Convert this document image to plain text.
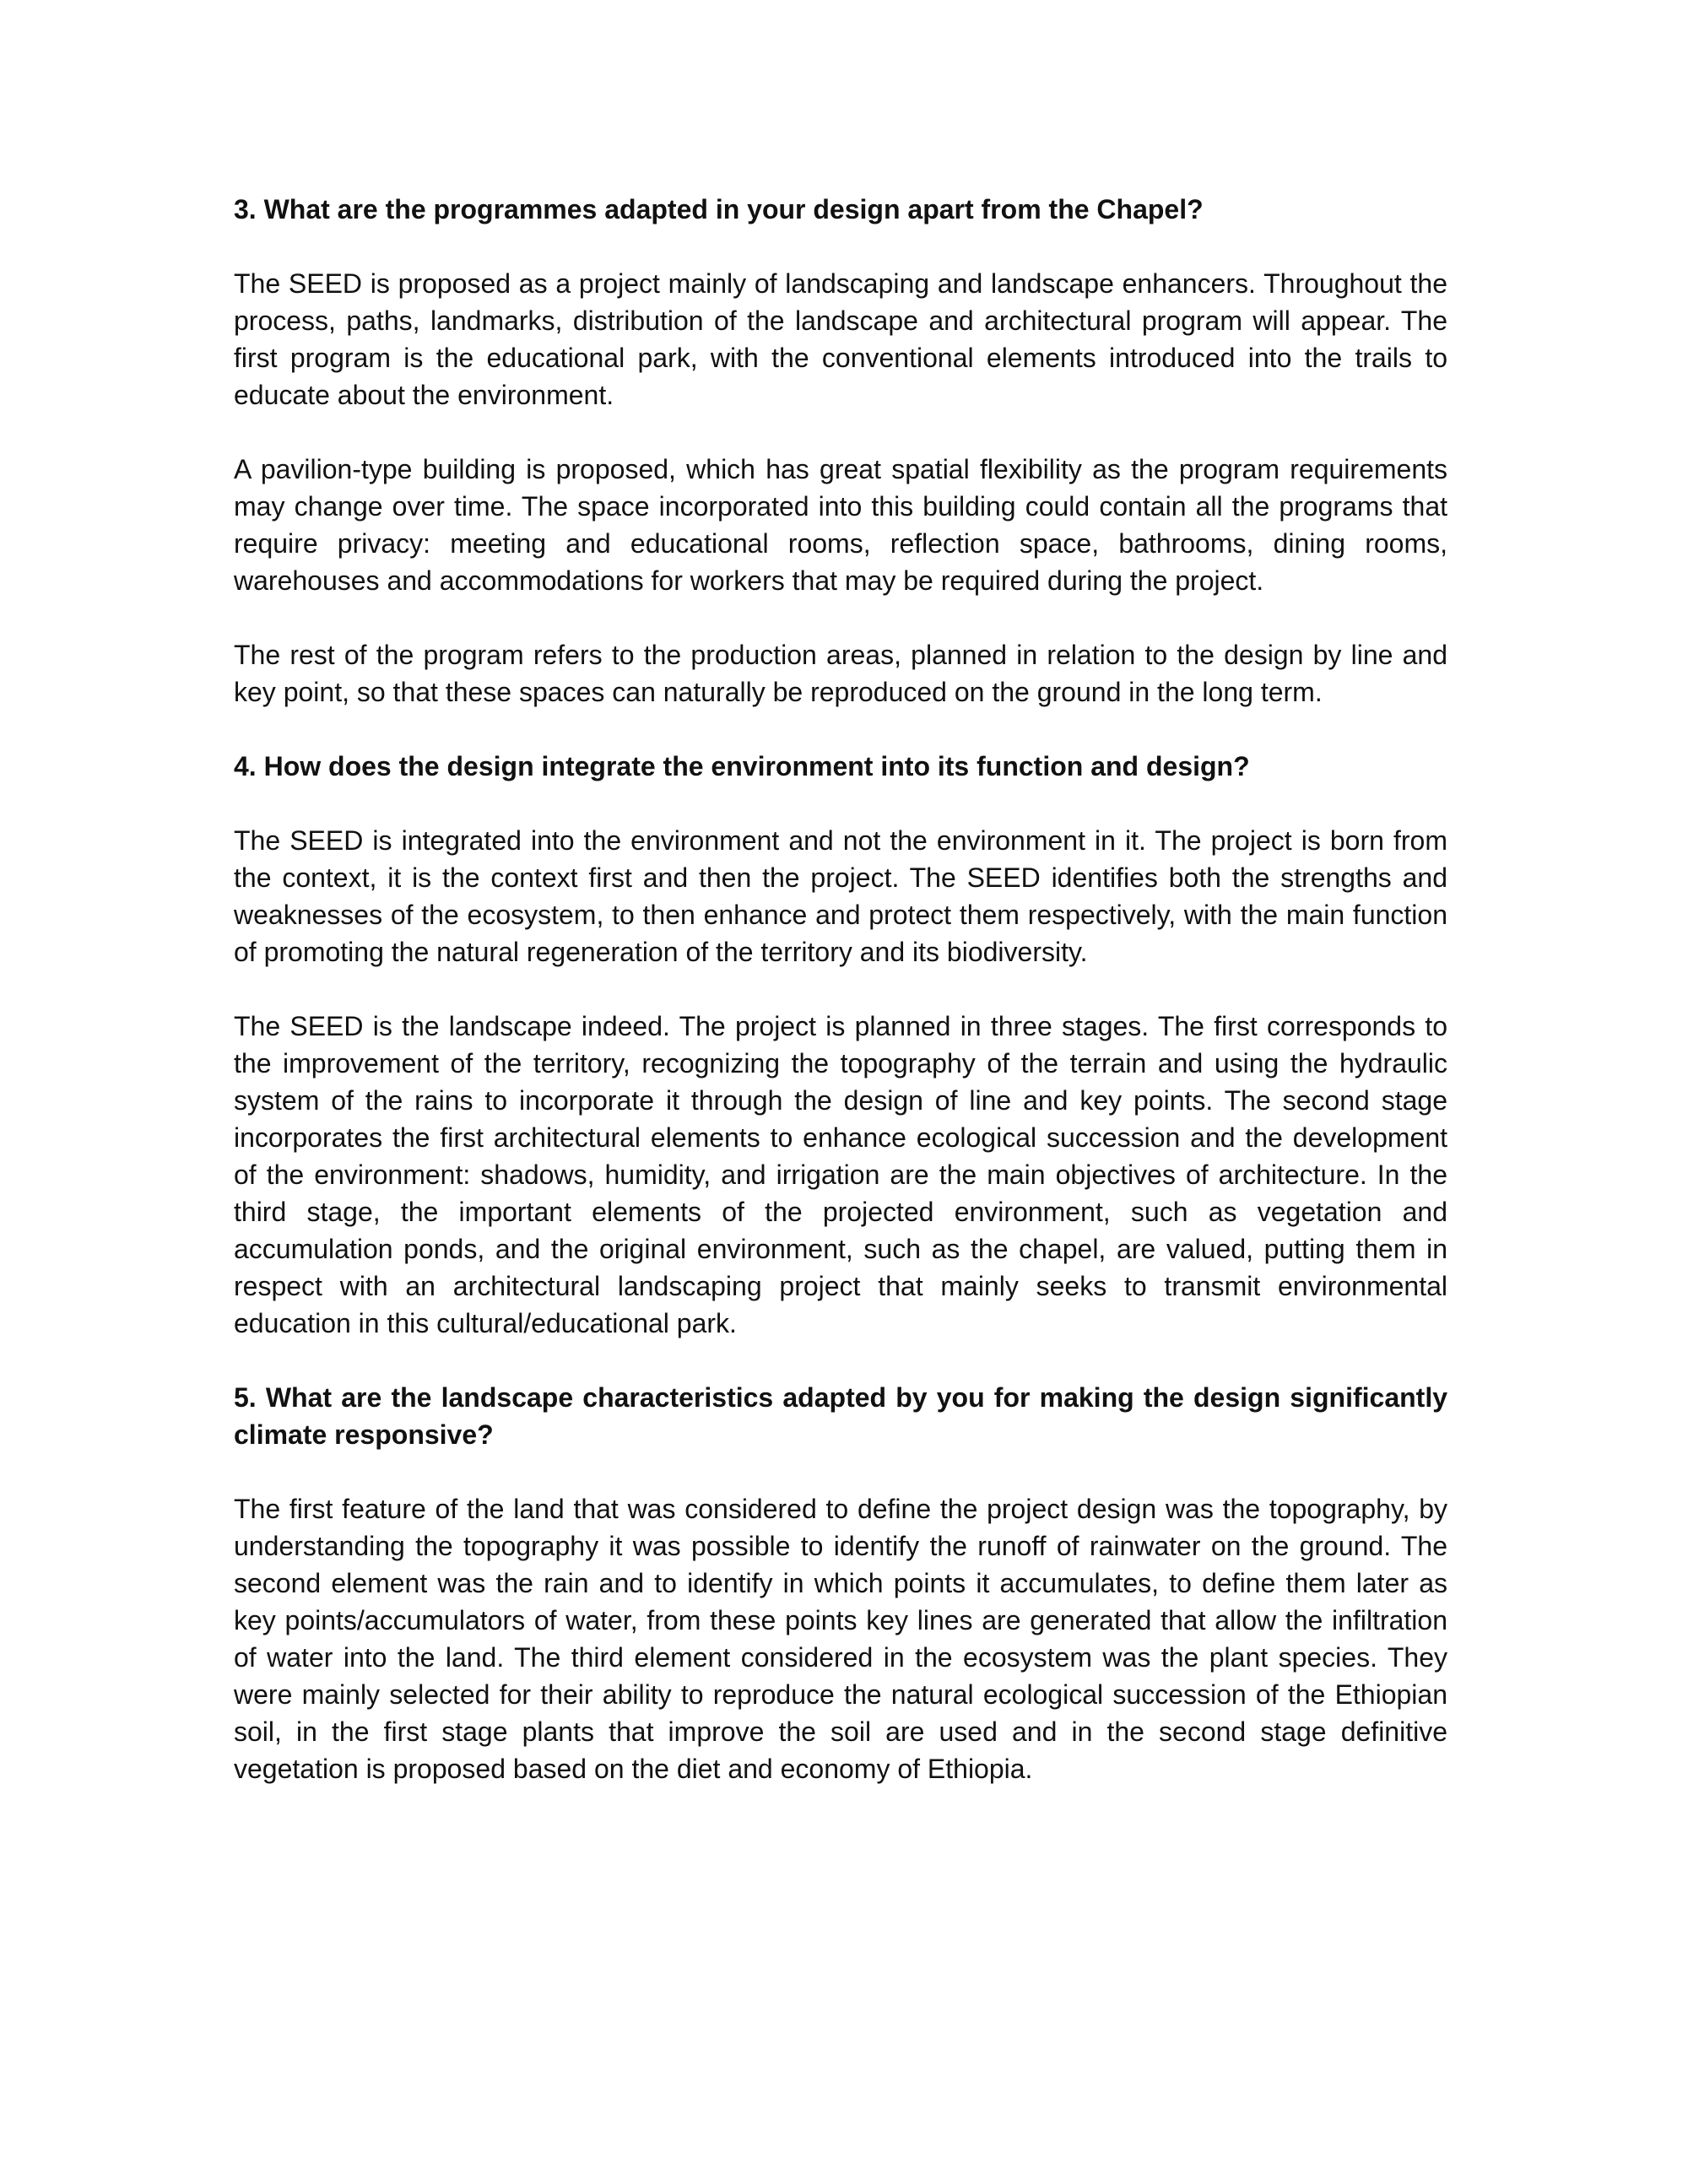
3. What are the programmes adapted in your design apart from the Chapel?

The SEED is proposed as a project mainly of landscaping and landscape enhancers. Throughout the process, paths, landmarks, distribution of the landscape and architectural program will appear. The first program is the educational park, with the conventional elements introduced into the trails to educate about the environment.

A pavilion-type building is proposed, which has great spatial flexibility as the program requirements may change over time. The space incorporated into this building could contain all the programs that require privacy: meeting and educational rooms, reflection space, bathrooms, dining rooms, warehouses and accommodations for workers that may be required during the project.

The rest of the program refers to the production areas, planned in relation to the design by line and key point, so that these spaces can naturally be reproduced on the ground in the long term.

4. How does the design integrate the environment into its function and design?

The SEED is integrated into the environment and not the environment in it. The project is born from the context, it is the context first and then the project. The SEED identifies both the strengths and weaknesses of the ecosystem, to then enhance and protect them respectively, with the main function of promoting the natural regeneration of the territory and its biodiversity.

The SEED is the landscape indeed. The project is planned in three stages. The first corresponds to the improvement of the territory, recognizing the topography of the terrain and using the hydraulic system of the rains to incorporate it through the design of line and key points. The second stage incorporates the first architectural elements to enhance ecological succession and the development of the environment: shadows, humidity, and irrigation are the main objectives of architecture. In the third stage, the important elements of the projected environment, such as vegetation and accumulation ponds, and the original environment, such as the chapel, are valued, putting them in respect with an architectural landscaping project that mainly seeks to transmit environmental education in this cultural/educational park.

5. What are the landscape characteristics adapted by you for making the design significantly climate responsive?

The first feature of the land that was considered to define the project design was the topography, by understanding the topography it was possible to identify the runoff of rainwater on the ground. The second element was the rain and to identify in which points it accumulates, to define them later as key points/accumulators of water, from these points key lines are generated that allow the infiltration of water into the land. The third element considered in the ecosystem was the plant species. They were mainly selected for their ability to reproduce the natural ecological succession of the Ethiopian soil, in the first stage plants that improve the soil are used and in the second stage definitive vegetation is proposed based on the diet and economy of Ethiopia.
